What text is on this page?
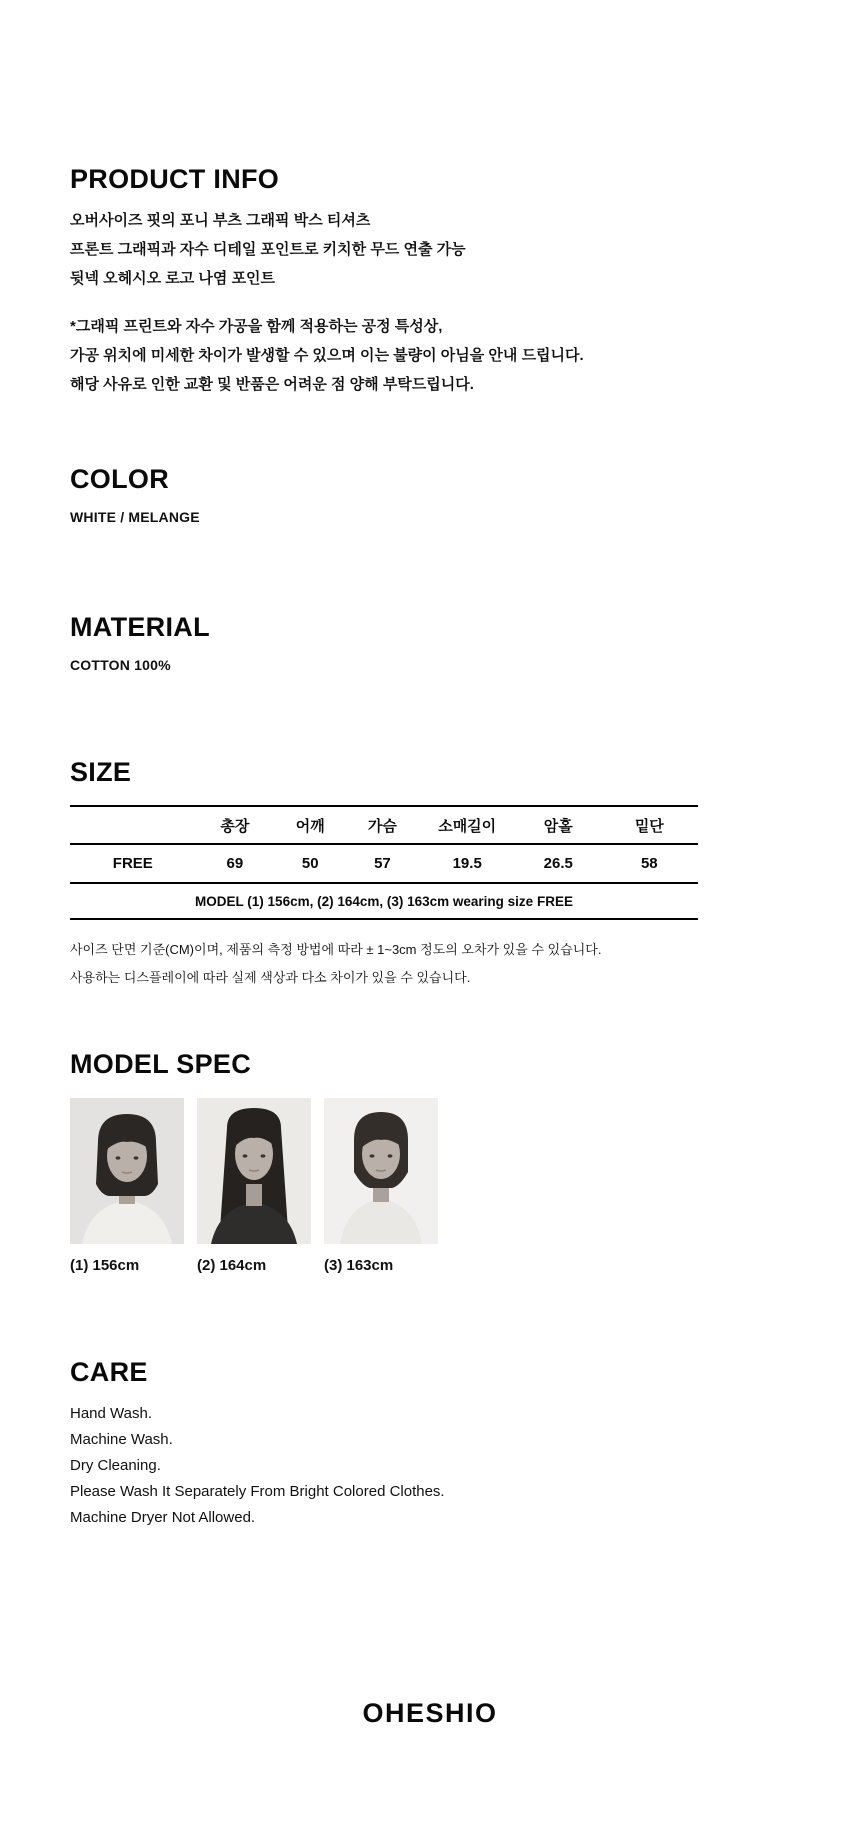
PRODUCT INFO
오버사이즈 핏의 포니 부츠 그래픽 박스 티셔츠
프론트 그래픽과 자수 디테일 포인트로 키치한 무드 연출 가능
뒷넥 오헤시오 로고 나염 포인트
*그래픽 프린트와 자수 가공을 함께 적용하는 공정 특성상,
가공 위치에 미세한 차이가 발생할 수 있으며 이는 불량이 아님을 안내 드립니다.
해당 사유로 인한 교환 및 반품은 어려운 점 양해 부탁드립니다.
COLOR
WHITE / MELANGE
MATERIAL
COTTON 100%
SIZE
	총장	어깨	가슴	소매길이	암홀	밑단
FREE	69	50	57	19.5	26.5	58
MODEL (1) 156cm, (2) 164cm, (3) 163cm wearing size FREE						
사이즈 단면 기준(CM)이며, 제품의 측정 방법에 따라 ± 1~3cm 정도의 오차가 있을 수 있습니다.
사용하는 디스플레이에 따라 실제 색상과 다소 차이가 있을 수 있습니다.
MODEL SPEC
(1) 156cm	(2) 164cm	(3) 163cm
CARE
Hand Wash.
Machine Wash.
Dry Cleaning.
Please Wash It Separately From Bright Colored Clothes.
Machine Dryer Not Allowed.
OHESHIO
